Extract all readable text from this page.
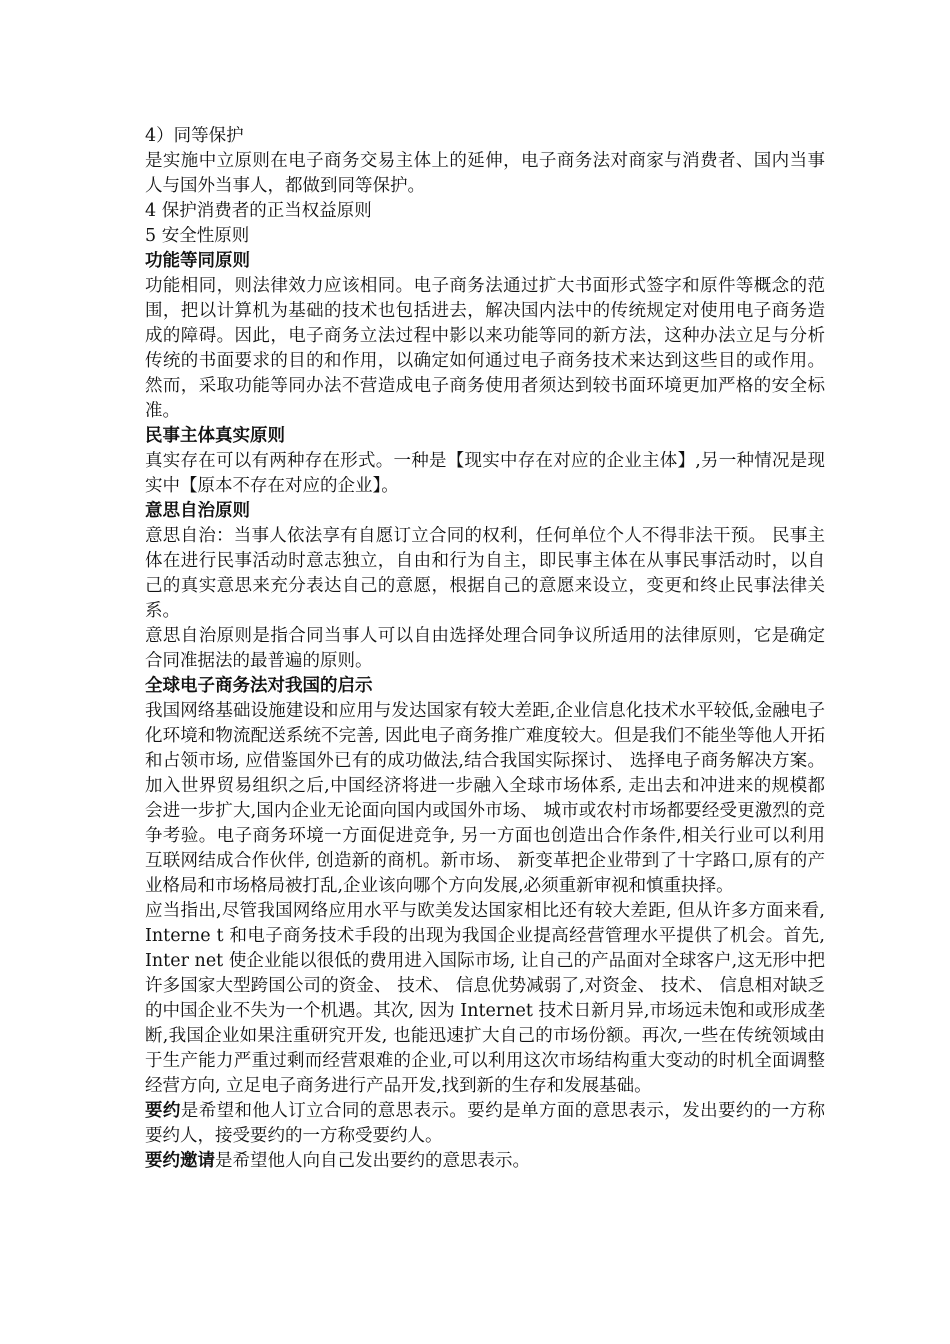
4）同等保护

是实施中立原则在电子商务交易主体上的延伸，电子商务法对商家与消费者、国内当事人与国外当事人，都做到同等保护。

4 保护消费者的正当权益原则

5 安全性原则

功能等同原则

功能相同，则法律效力应该相同。电子商务法通过扩大书面形式签字和原件等概念的范围，把以计算机为基础的技术也包括进去，解决国内法中的传统规定对使用电子商务造成的障碍。因此，电子商务立法过程中影以来功能等同的新方法，这种办法立足与分析传统的书面要求的目的和作用，以确定如何通过电子商务技术来达到这些目的或作用。然而，采取功能等同办法不营造成电子商务使用者须达到较书面环境更加严格的安全标准。

民事主体真实原则

真实存在可以有两种存在形式。一种是【现实中存在对应的企业主体】,另一种情况是现实中【原本不存在对应的企业】。

意思自治原则

意思自治：当事人依法享有自愿订立合同的权利，任何单位个人不得非法干预。 民事主体在进行民事活动时意志独立，自由和行为自主，即民事主体在从事民事活动时，以自己的真实意思来充分表达自己的意愿，根据自己的意愿来设立，变更和终止民事法律关系。

意思自治原则是指合同当事人可以自由选择处理合同争议所适用的法律原则，它是确定合同准据法的最普遍的原则。

全球电子商务法对我国的启示

我国网络基础设施建设和应用与发达国家有较大差距,企业信息化技术水平较低,金融电子化环境和物流配送系统不完善, 因此电子商务推广难度较大。但是我们不能坐等他人开拓和占领市场, 应借鉴国外已有的成功做法,结合我国实际探讨、 选择电子商务解决方案。加入世界贸易组织之后,中国经济将进一步融入全球市场体系, 走出去和冲进来的规模都会进一步扩大,国内企业无论面向国内或国外市场、 城市或农村市场都要经受更激烈的竞争考验。电子商务环境一方面促进竞争, 另一方面也创造出合作条件,相关行业可以利用互联网结成合作伙伴, 创造新的商机。新市场、 新变革把企业带到了十字路口,原有的产业格局和市场格局被打乱,企业该向哪个方向发展,必须重新审视和慎重抉择。

应当指出,尽管我国网络应用水平与欧美发达国家相比还有较大差距, 但从许多方面来看, Interne t 和电子商务技术手段的出现为我国企业提高经营管理水平提供了机会。首先, Inter net 使企业能以很低的费用进入国际市场, 让自己的产品面对全球客户,这无形中把许多国家大型跨国公司的资金、 技术、 信息优势减弱了,对资金、 技术、 信息相对缺乏的中国企业不失为一个机遇。其次, 因为 Internet 技术日新月异,市场远未饱和或形成垄断,我国企业如果注重研究开发, 也能迅速扩大自己的市场份额。再次,一些在传统领域由于生产能力严重过剩而经营艰难的企业,可以利用这次市场结构重大变动的时机全面调整经营方向, 立足电子商务进行产品开发,找到新的生存和发展基础。

要约是希望和他人订立合同的意思表示。要约是单方面的意思表示，发出要约的一方称要约人，接受要约的一方称受要约人。

要约邀请是希望他人向自己发出要约的意思表示。
